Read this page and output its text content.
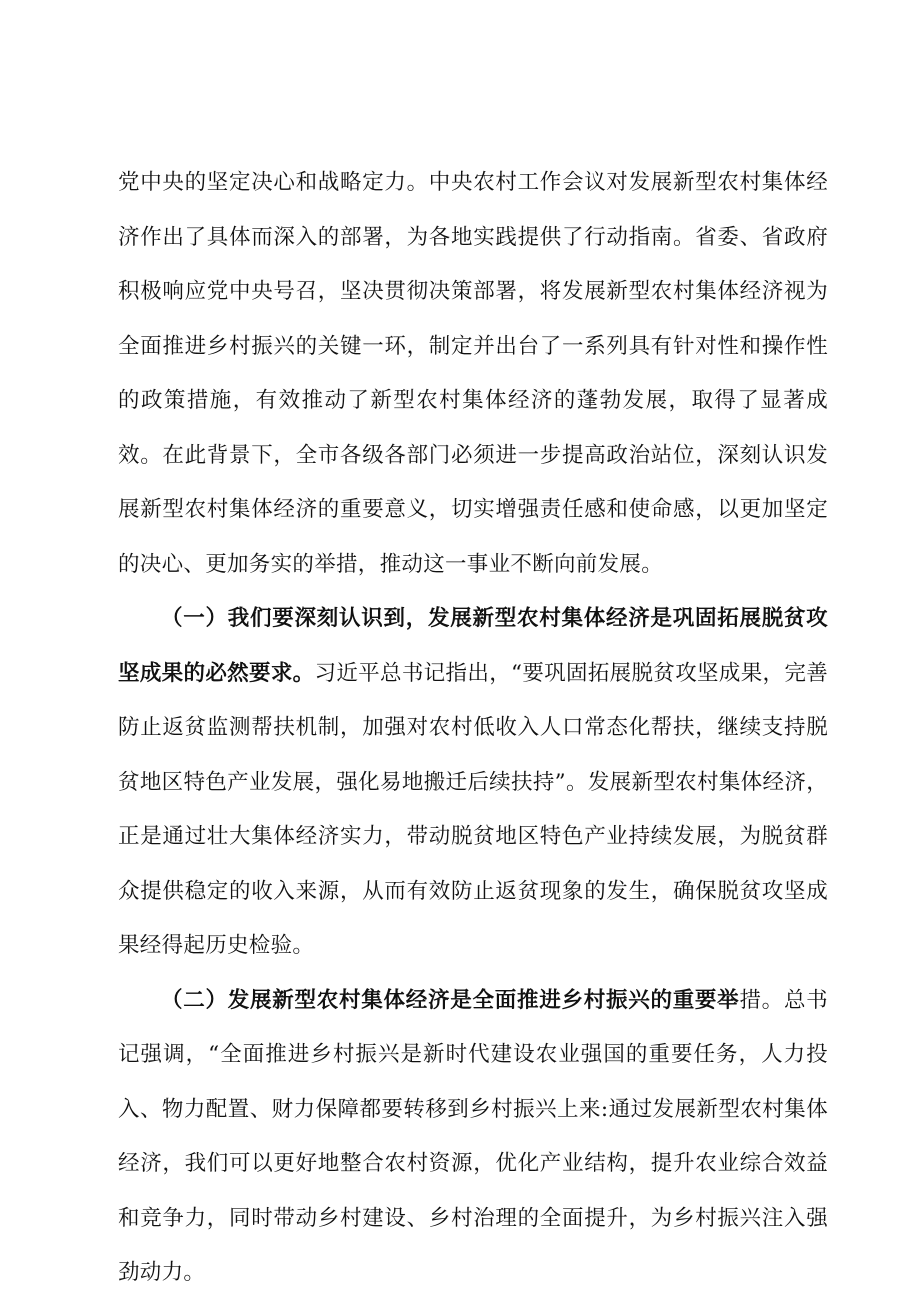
党中央的坚定决心和战略定力。中央农村工作会议对发展新型农村集体经济作出了具体而深入的部署，为各地实践提供了行动指南。省委、省政府积极响应党中央号召，坚决贯彻决策部署，将发展新型农村集体经济视为全面推进乡村振兴的关键一环，制定并出台了一系列具有针对性和操作性的政策措施，有效推动了新型农村集体经济的蓬勃发展，取得了显著成效。在此背景下，全市各级各部门必须进一步提高政治站位，深刻认识发展新型农村集体经济的重要意义，切实增强责任感和使命感，以更加坚定的决心、更加务实的举措，推动这一事业不断向前发展。

（一）我们要深刻认识到，发展新型农村集体经济是巩固拓展脱贫攻坚成果的必然要求。习近平总书记指出，“要巩固拓展脱贫攻坚成果，完善防止返贫监测帮扶机制，加强对农村低收入人口常态化帮扶，继续支持脱贫地区特色产业发展，强化易地搬迁后续扶持”。发展新型农村集体经济，正是通过壮大集体经济实力，带动脱贫地区特色产业持续发展，为脱贫群众提供稳定的收入来源，从而有效防止返贫现象的发生，确保脱贫攻坚成果经得起历史检验。

（二）发展新型农村集体经济是全面推进乡村振兴的重要举措。总书记强调，“全面推进乡村振兴是新时代建设农业强国的重要任务，人力投入、物力配置、财力保障都要转移到乡村振兴上来:通过发展新型农村集体经济，我们可以更好地整合农村资源，优化产业结构，提升农业综合效益和竞争力，同时带动乡村建设、乡村治理的全面提升，为乡村振兴注入强劲动力。
